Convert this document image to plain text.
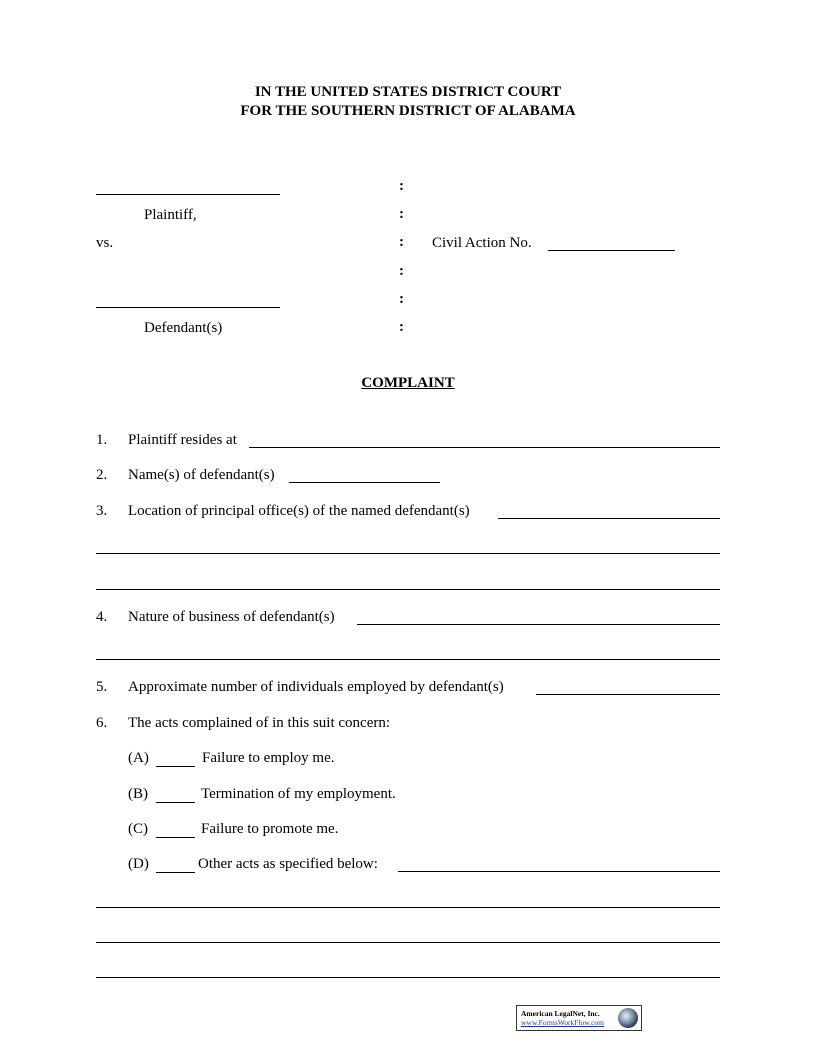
IN THE UNITED STATES DISTRICT COURT
FOR THE SOUTHERN DISTRICT OF ALABAMA
Plaintiff,
vs.
Defendant(s)
:
:
:
:
:
:
Civil Action No.
COMPLAINT
1. Plaintiff resides at
2. Name(s) of defendant(s)
3. Location of principal office(s) of the named defendant(s)
4. Nature of business of defendant(s)
5. Approximate number of individuals employed by defendant(s)
6. The acts complained of in this suit concern:
(A)	Failure to employ me.
(B)	Termination of my employment.
(C)	Failure to promote me.
(D)	Other acts as specified below:
American LegalNet, Inc.
www.FormsWorkFlow.com
